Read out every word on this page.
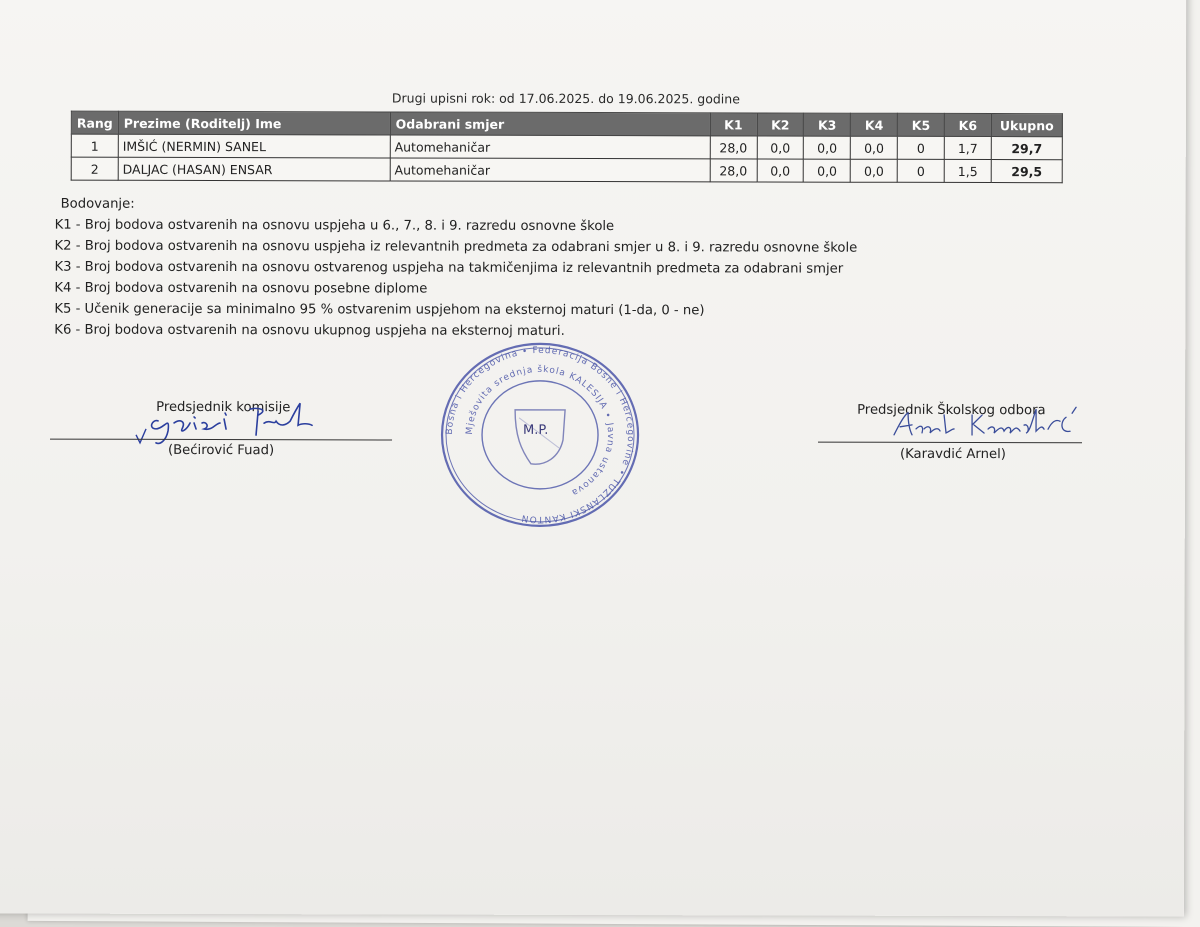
Drugi upisni rok: od 17.06.2025. do 19.06.2025. godine
Rang	Prezime (Roditelj) Ime	Odabrani smjer	K1	K2	K3	K4	K5	K6	Ukupno
1	IMŠIĆ (NERMIN) SANEL	Automehaničar	28,0	0,0	0,0	0,0	0	1,7	29,7
2	DALJAC (HASAN) ENSAR	Automehaničar	28,0	0,0	0,0	0,0	0	1,5	29,5
Bodovanje:
K1 - Broj bodova ostvarenih na osnovu uspjeha u 6., 7., 8. i 9. razredu osnovne škole
K2 - Broj bodova ostvarenih na osnovu uspjeha iz relevantnih predmeta za odabrani smjer u 8. i 9. razredu osnovne škole
K3 - Broj bodova ostvarenih na osnovu ostvarenog uspjeha na takmičenjima iz relevantnih predmeta za odabrani smjer
K4 - Broj bodova ostvarenih na osnovu posebne diplome
K5 - Učenik generacije sa minimalno 95 % ostvarenim uspjehom na eksternoj maturi (1-da, 0 - ne)
K6 - Broj bodova ostvarenih na osnovu ukupnog uspjeha na eksternoj maturi.
Predsjednik komisije
(Bećirović Fuad)
Predsjednik Školskog odbora
(Karavdić Arnel)
Bosna i Hercegovina • Federacija Bosne i Hercegovine • TUZLANSKI KANTON
Mješovita srednja škola KALESIJA • Javna ustanova
M.P.
